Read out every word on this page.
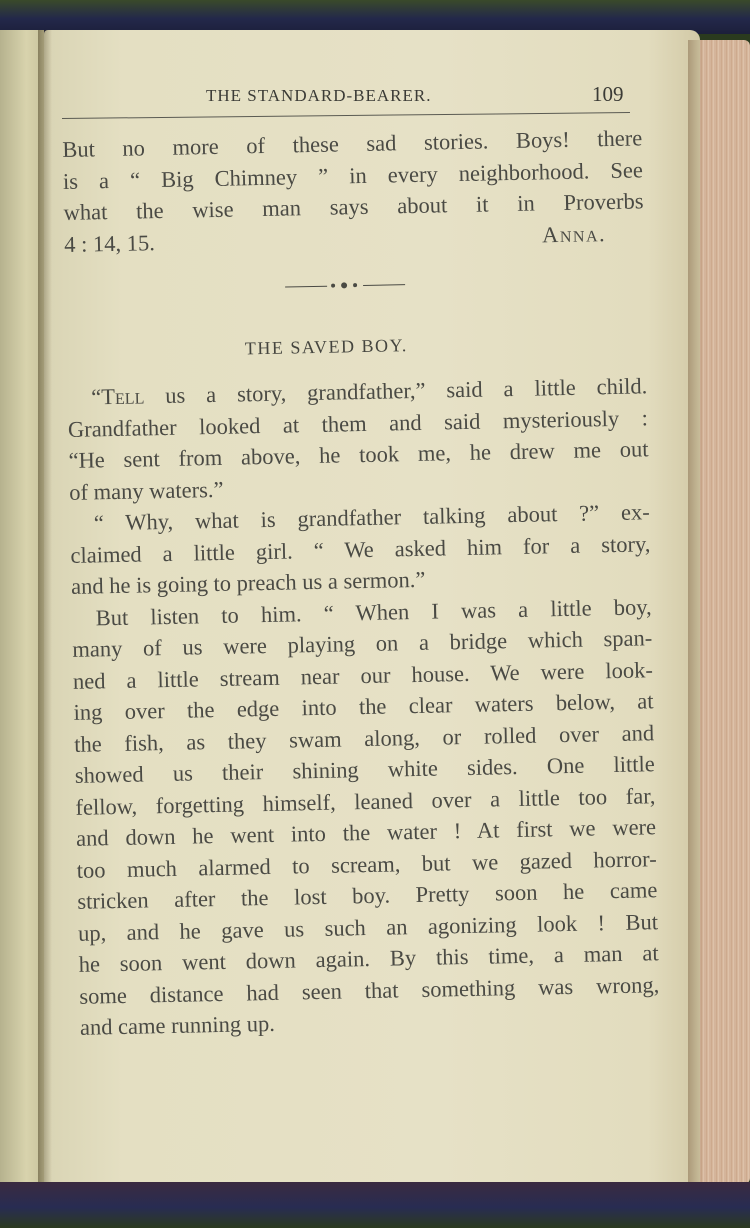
THE STANDARD-BEARER.	109
But no more of these sad stories. Boys! there
is a “ Big Chimney ” in every neighborhood. See
what the wise man says about it in Proverbs
4 : 14, 15.	Anna.
THE SAVED BOY.
“Tell us a story, grandfather,” said a little child.
Grandfather looked at them and said mysteriously :
“He sent from above, he took me, he drew me out
of many waters.”
“ Why, what is grandfather talking about ?” ex-
claimed a little girl. “ We asked him for a story,
and he is going to preach us a sermon.”
But listen to him. “ When I was a little boy,
many of us were playing on a bridge which span-
ned a little stream near our house. We were look-
ing over the edge into the clear waters below, at
the fish, as they swam along, or rolled over and
showed us their shining white sides. One little
fellow, forgetting himself, leaned over a little too far,
and down he went into the water ! At first we were
too much alarmed to scream, but we gazed horror-
stricken after the lost boy. Pretty soon he came
up, and he gave us such an agonizing look ! But
he soon went down again. By this time, a man at
some distance had seen that something was wrong,
and came running up.
